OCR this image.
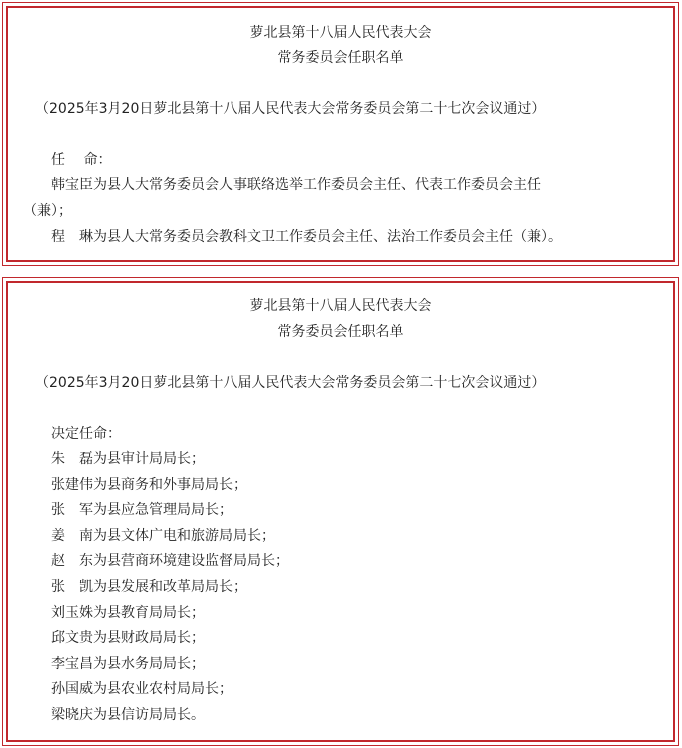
萝北县第十八届人民代表大会
常务委员会任职名单
（2025年3月20日萝北县第十八届人民代表大会常务委员会第二十七次会议通过）
任　 命：
韩宝臣为县人大常务委员会人事联络选举工作委员会主任、代表工作委员会主任
（兼）；
程　琳为县人大常务委员会教科文卫工作委员会主任、法治工作委员会主任（兼）。
萝北县第十八届人民代表大会
常务委员会任职名单
（2025年3月20日萝北县第十八届人民代表大会常务委员会第二十七次会议通过）
决定任命：
朱　磊为县审计局局长；
张建伟为县商务和外事局局长；
张　军为县应急管理局局长；
姜　南为县文体广电和旅游局局长；
赵　东为县营商环境建设监督局局长；
张　凯为县发展和改革局局长；
刘玉姝为县教育局局长；
邱文贵为县财政局局长；
李宝昌为县水务局局长；
孙国威为县农业农村局局长；
梁晓庆为县信访局局长。
